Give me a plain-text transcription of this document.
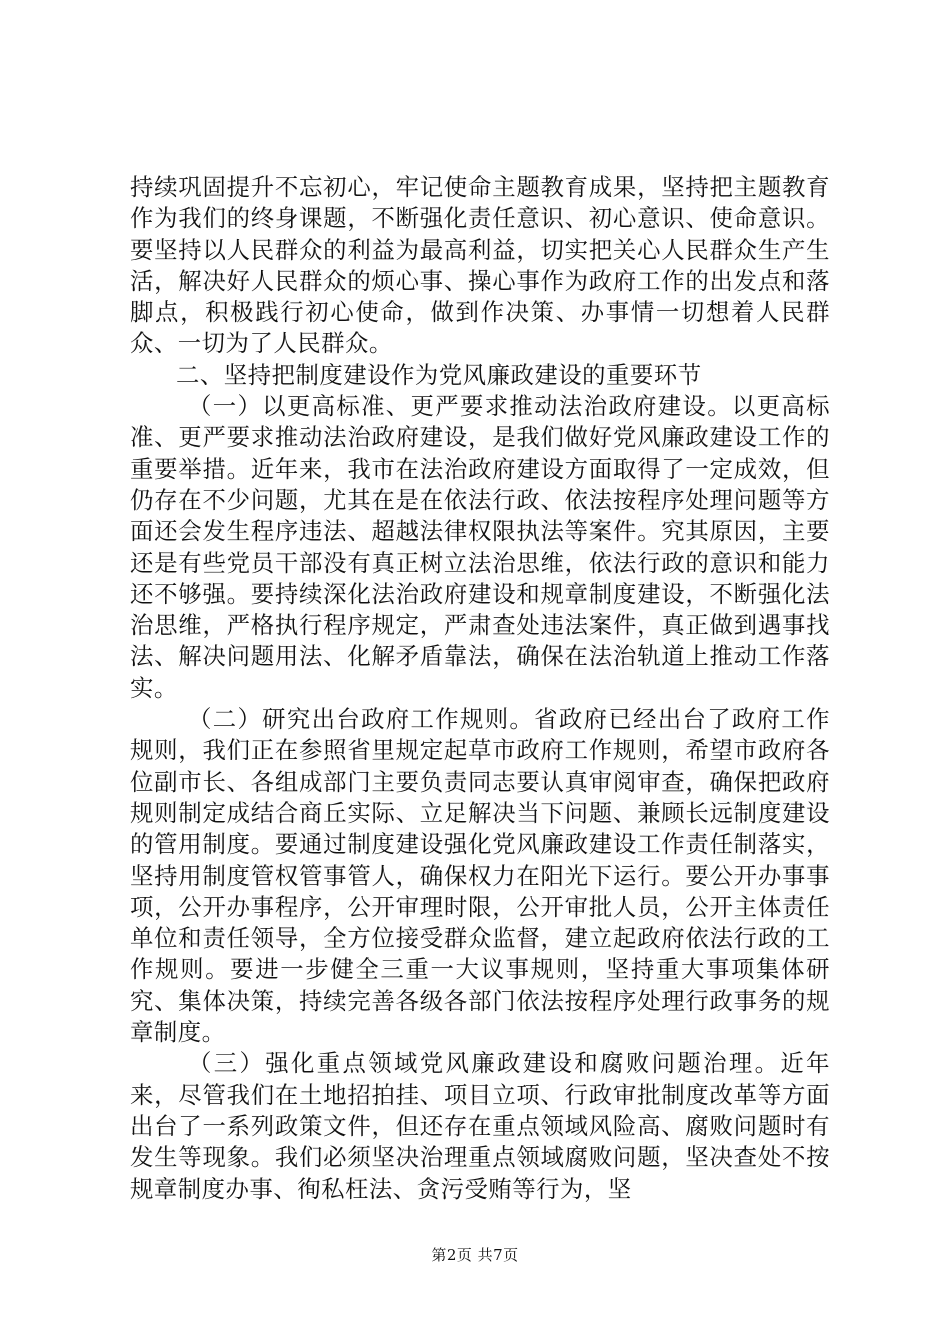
持续巩固提升不忘初心，牢记使命主题教育成果，坚持把主题教育作为我们的终身课题，不断强化责任意识、初心意识、使命意识。要坚持以人民群众的利益为最高利益，切实把关心人民群众生产生活，解决好人民群众的烦心事、操心事作为政府工作的出发点和落脚点，积极践行初心使命，做到作决策、办事情一切想着人民群众、一切为了人民群众。

二、坚持把制度建设作为党风廉政建设的重要环节

（一）以更高标准、更严要求推动法治政府建设。以更高标准、更严要求推动法治政府建设，是我们做好党风廉政建设工作的重要举措。近年来，我市在法治政府建设方面取得了一定成效，但仍存在不少问题，尤其在是在依法行政、依法按程序处理问题等方面还会发生程序违法、超越法律权限执法等案件。究其原因，主要还是有些党员干部没有真正树立法治思维，依法行政的意识和能力还不够强。要持续深化法治政府建设和规章制度建设，不断强化法治思维，严格执行程序规定，严肃查处违法案件，真正做到遇事找法、解决问题用法、化解矛盾靠法，确保在法治轨道上推动工作落实。

（二）研究出台政府工作规则。省政府已经出台了政府工作规则，我们正在参照省里规定起草市政府工作规则，希望市政府各位副市长、各组成部门主要负责同志要认真审阅审查，确保把政府规则制定成结合商丘实际、立足解决当下问题、兼顾长远制度建设的管用制度。要通过制度建设强化党风廉政建设工作责任制落实，坚持用制度管权管事管人，确保权力在阳光下运行。要公开办事事项，公开办事程序，公开审理时限，公开审批人员，公开主体责任单位和责任领导，全方位接受群众监督，建立起政府依法行政的工作规则。要进一步健全三重一大议事规则，坚持重大事项集体研究、集体决策，持续完善各级各部门依法按程序处理行政事务的规章制度。

（三）强化重点领域党风廉政建设和腐败问题治理。近年来，尽管我们在土地招拍挂、项目立项、行政审批制度改革等方面出台了一系列政策文件，但还存在重点领域风险高、腐败问题时有发生等现象。我们必须坚决治理重点领域腐败问题，坚决查处不按规章制度办事、徇私枉法、贪污受贿等行为，坚

第2页 共7页
